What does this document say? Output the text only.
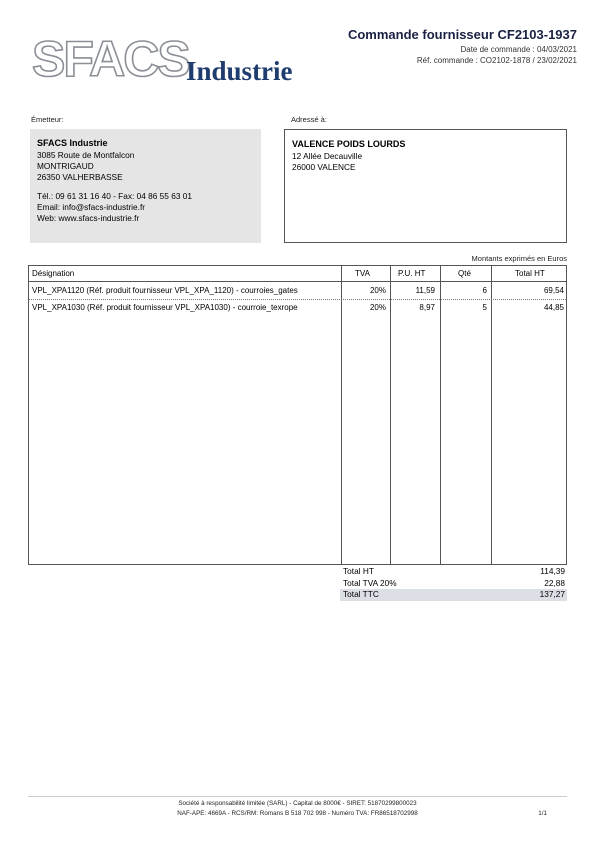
SFACS
Industrie
Commande fournisseur CF2103-1937
Date de commande : 04/03/2021
Réf. commande : CO2102-1878 / 23/02/2021
Émetteur:
SFACS Industrie
3085 Route de Montfalcon
MONTRIGAUD
26350 VALHERBASSE
Tél.: 09 61 31 16 40 - Fax: 04 86 55 63 01
Email: info@sfacs-industrie.fr
Web: www.sfacs-industrie.fr
Adressé à:
VALENCE POIDS LOURDS
12 Allée Decauville
26000 VALENCE
Montants exprimés en Euros
Désignation	TVA	P.U. HT	Qté	Total HT
VPL_XPA1120 (Réf. produit fournisseur VPL_XPA_1120) - courroies_gates	20%	11,59	6	69,54
VPL_XPA1030 (Réf. produit fournisseur VPL_XPA1030) - courroie_texrope	20%	8,97	5	44,85
Total HT	114,39
Total TVA 20%	22,88
Total TTC	137,27
Société à responsabilité limitée (SARL) - Capital de 8000€ - SIRET: 51870299800023
NAF-APE: 4669A - RCS/RM: Romans B 518 702 998 - Numéro TVA: FR86518702998	1/1
